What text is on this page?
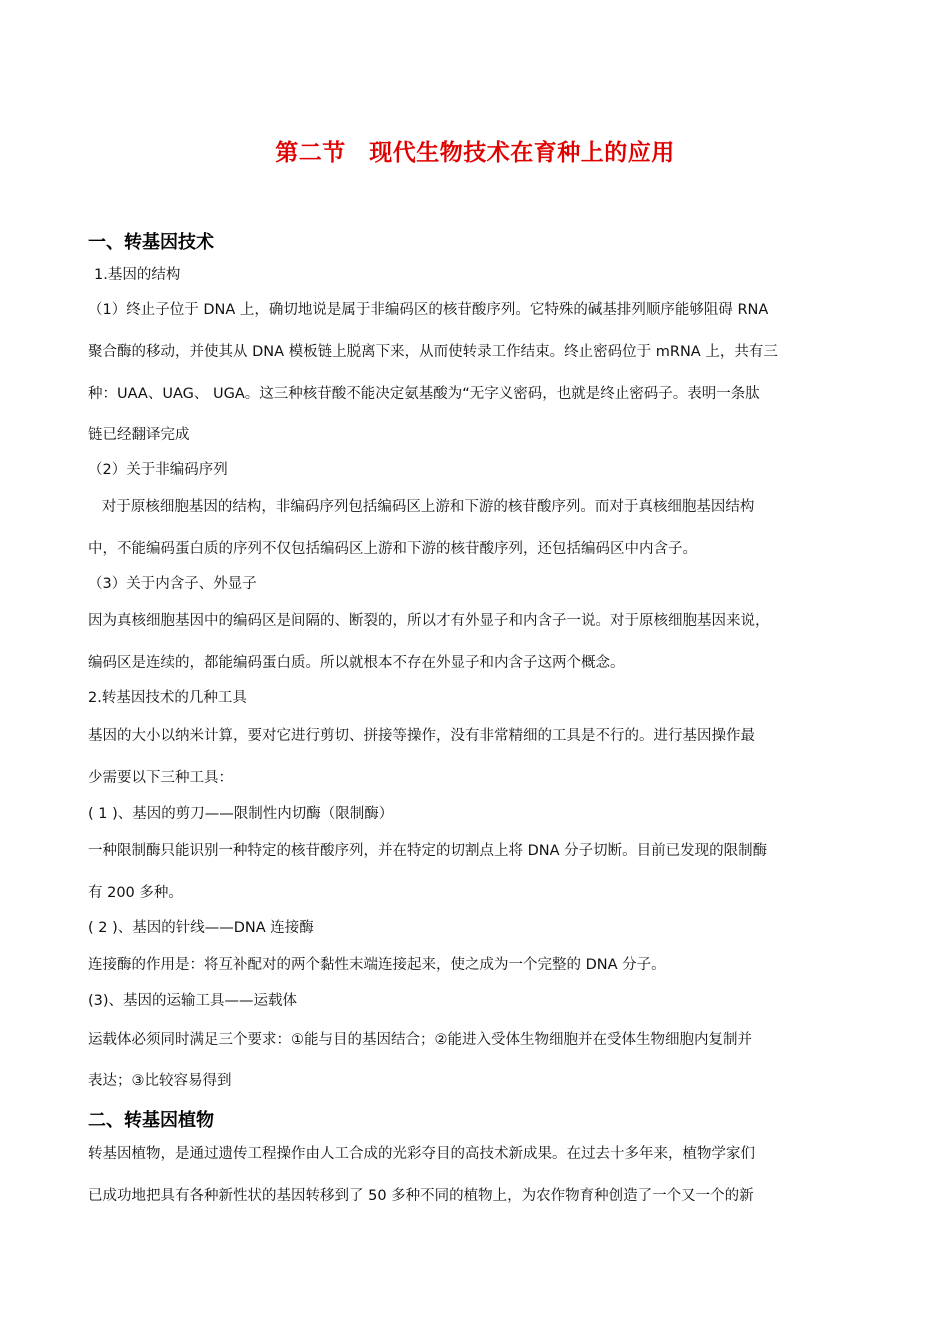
第二节　现代生物技术在育种上的应用
一、转基因技术
1.基因的结构
（1）终止子位于 DNA 上，确切地说是属于非编码区的核苷酸序列。它特殊的碱基排列顺序能够阻碍 RNA
聚合酶的移动，并使其从 DNA 模板链上脱离下来，从而使转录工作结束。终止密码位于 mRNA 上，共有三
种：UAA、UAG、 UGA。这三种核苷酸不能决定氨基酸为“无字义密码，也就是终止密码子。表明一条肽
链已经翻译完成
（2）关于非编码序列
对于原核细胞基因的结构，非编码序列包括编码区上游和下游的核苷酸序列。而对于真核细胞基因结构
中，不能编码蛋白质的序列不仅包括编码区上游和下游的核苷酸序列，还包括编码区中内含子。
（3）关于内含子、外显子
因为真核细胞基因中的编码区是间隔的、断裂的，所以才有外显子和内含子一说。对于原核细胞基因来说，
编码区是连续的，都能编码蛋白质。所以就根本不存在外显子和内含子这两个概念。
2.转基因技术的几种工具
基因的大小以纳米计算，要对它进行剪切、拼接等操作，没有非常精细的工具是不行的。进行基因操作最
少需要以下三种工具：
( 1 )、基因的剪刀——限制性内切酶（限制酶）
一种限制酶只能识别一种特定的核苷酸序列，并在特定的切割点上将 DNA 分子切断。目前已发现的限制酶
有 200 多种。
( 2 )、基因的针线——DNA 连接酶
连接酶的作用是：将互补配对的两个黏性末端连接起来，使之成为一个完整的 DNA 分子。
(3)、基因的运输工具——运载体
运载体必须同时满足三个要求：①能与目的基因结合；②能进入受体生物细胞并在受体生物细胞内复制并
表达；③比较容易得到
二、转基因植物
转基因植物，是通过遗传工程操作由人工合成的光彩夺目的高技术新成果。在过去十多年来，植物学家们
已成功地把具有各种新性状的基因转移到了 50 多种不同的植物上，为农作物育种创造了一个又一个的新
